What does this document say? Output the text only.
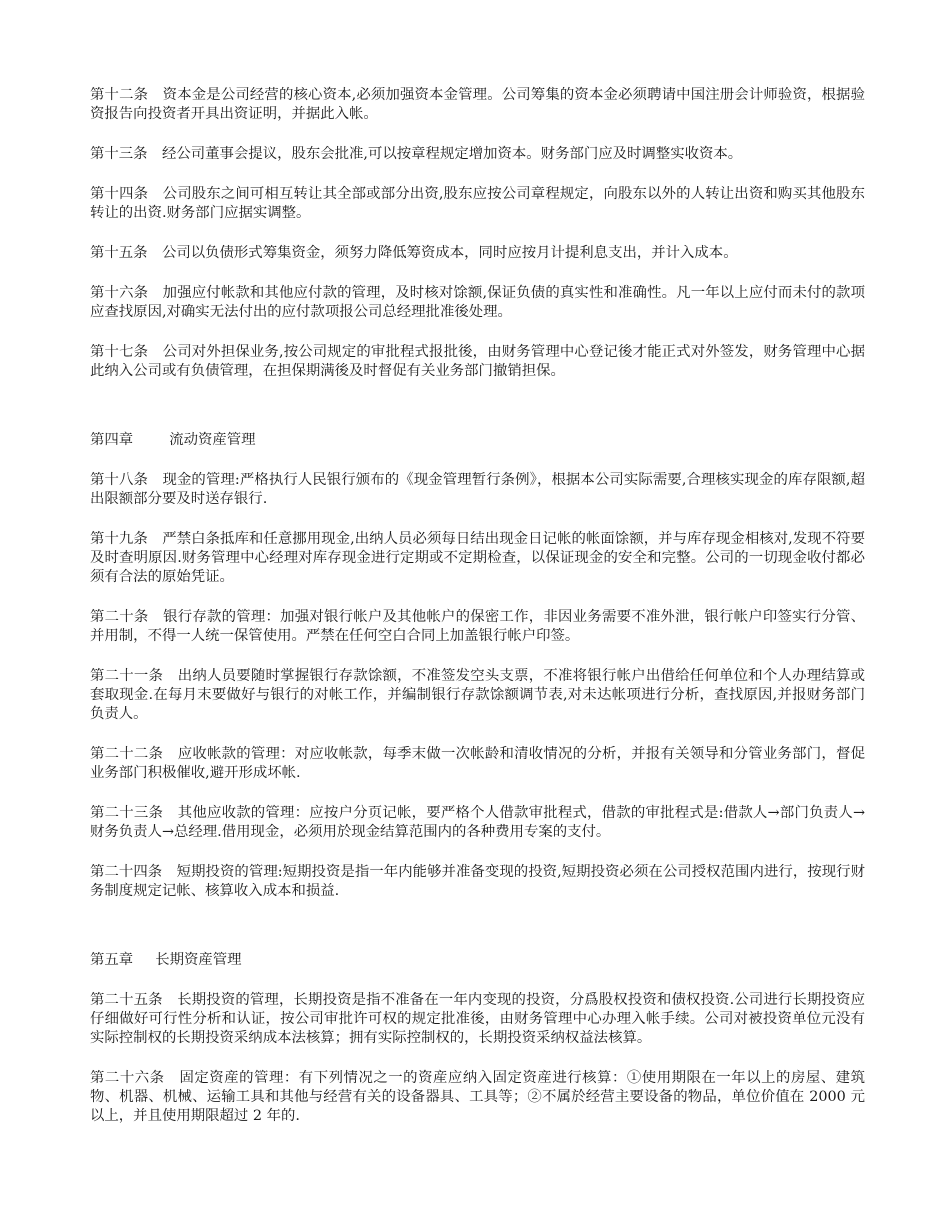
第十二条　资本金是公司经营的核心资本,必须加强资本金管理。公司筹集的资本金必须聘请中国注册会计师验资，根据验资报告向投资者开具出资证明，并据此入帐。

第十三条　经公司董事会提议，股东会批准,可以按章程规定增加资本。财务部门应及时调整实收资本。

第十四条　公司股东之间可相互转让其全部或部分出资,股东应按公司章程规定，向股东以外的人转让出资和购买其他股东转让的出资.财务部门应据实调整。

第十五条　公司以负债形式筹集资金，须努力降低筹资成本，同时应按月计提利息支出，并计入成本。

第十六条　加强应付帐款和其他应付款的管理，及时核对馀额,保证负债的真实性和准确性。凡一年以上应付而未付的款项应查找原因,对确实无法付出的应付款项报公司总经理批准後处理。

第十七条　公司对外担保业务,按公司规定的审批程式报批後，由财务管理中心登记後才能正式对外签发，财务管理中心据此纳入公司或有负债管理，在担保期满後及时督促有关业务部门撤销担保。

第四章	流动资産管理

第十八条　现金的管理:严格执行人民银行颁布的《现金管理暂行条例》，根据本公司实际需要,合理核实现金的库存限额,超出限额部分要及时送存银行.

第十九条　严禁白条抵库和任意挪用现金,出纳人员必须每日结出现金日记帐的帐面馀额，并与库存现金相核对,发现不符要及时查明原因.财务管理中心经理对库存现金进行定期或不定期检查，以保证现金的安全和完整。公司的一切现金收付都必须有合法的原始凭证。

第二十条　银行存款的管理：加强对银行帐户及其他帐户的保密工作，非因业务需要不准外泄，银行帐户印签实行分管、并用制，不得一人统一保管使用。严禁在任何空白合同上加盖银行帐户印签。

第二十一条　出纳人员要随时掌握银行存款馀额，不准签发空头支票，不准将银行帐户出借给任何单位和个人办理结算或套取现金.在每月末要做好与银行的对帐工作，并编制银行存款馀额调节表,对未达帐项进行分析，查找原因,并报财务部门负责人。

第二十二条　应收帐款的管理：对应收帐款，每季末做一次帐龄和清收情况的分析，并报有关领导和分管业务部门，督促业务部门积极催收,避开形成坏帐.

第二十三条　其他应收款的管理：应按户分页记帐，要严格个人借款审批程式，借款的审批程式是:借款人→部门负责人→财务负责人→总经理.借用现金，必须用於现金结算范围内的各种费用专案的支付。

第二十四条　短期投资的管理:短期投资是指一年内能够并准备变现的投资,短期投资必须在公司授权范围内进行，按现行财务制度规定记帐、核算收入成本和损益.

第五章 长期资産管理

第二十五条　长期投资的管理，长期投资是指不准备在一年内变现的投资，分爲股权投资和债权投资.公司进行长期投资应仔细做好可行性分析和认证，按公司审批许可权的规定批准後，由财务管理中心办理入帐手续。公司对被投资单位元没有实际控制权的长期投资采纳成本法核算；拥有实际控制权的，长期投资采纳权益法核算。

第二十六条　固定资産的管理：有下列情况之一的资産应纳入固定资産进行核算：①使用期限在一年以上的房屋、建筑物、机器、机械、运输工具和其他与经营有关的设备器具、工具等；②不属於经营主要设备的物品，单位价值在 2000 元以上，并且使用期限超过 2 年的.
